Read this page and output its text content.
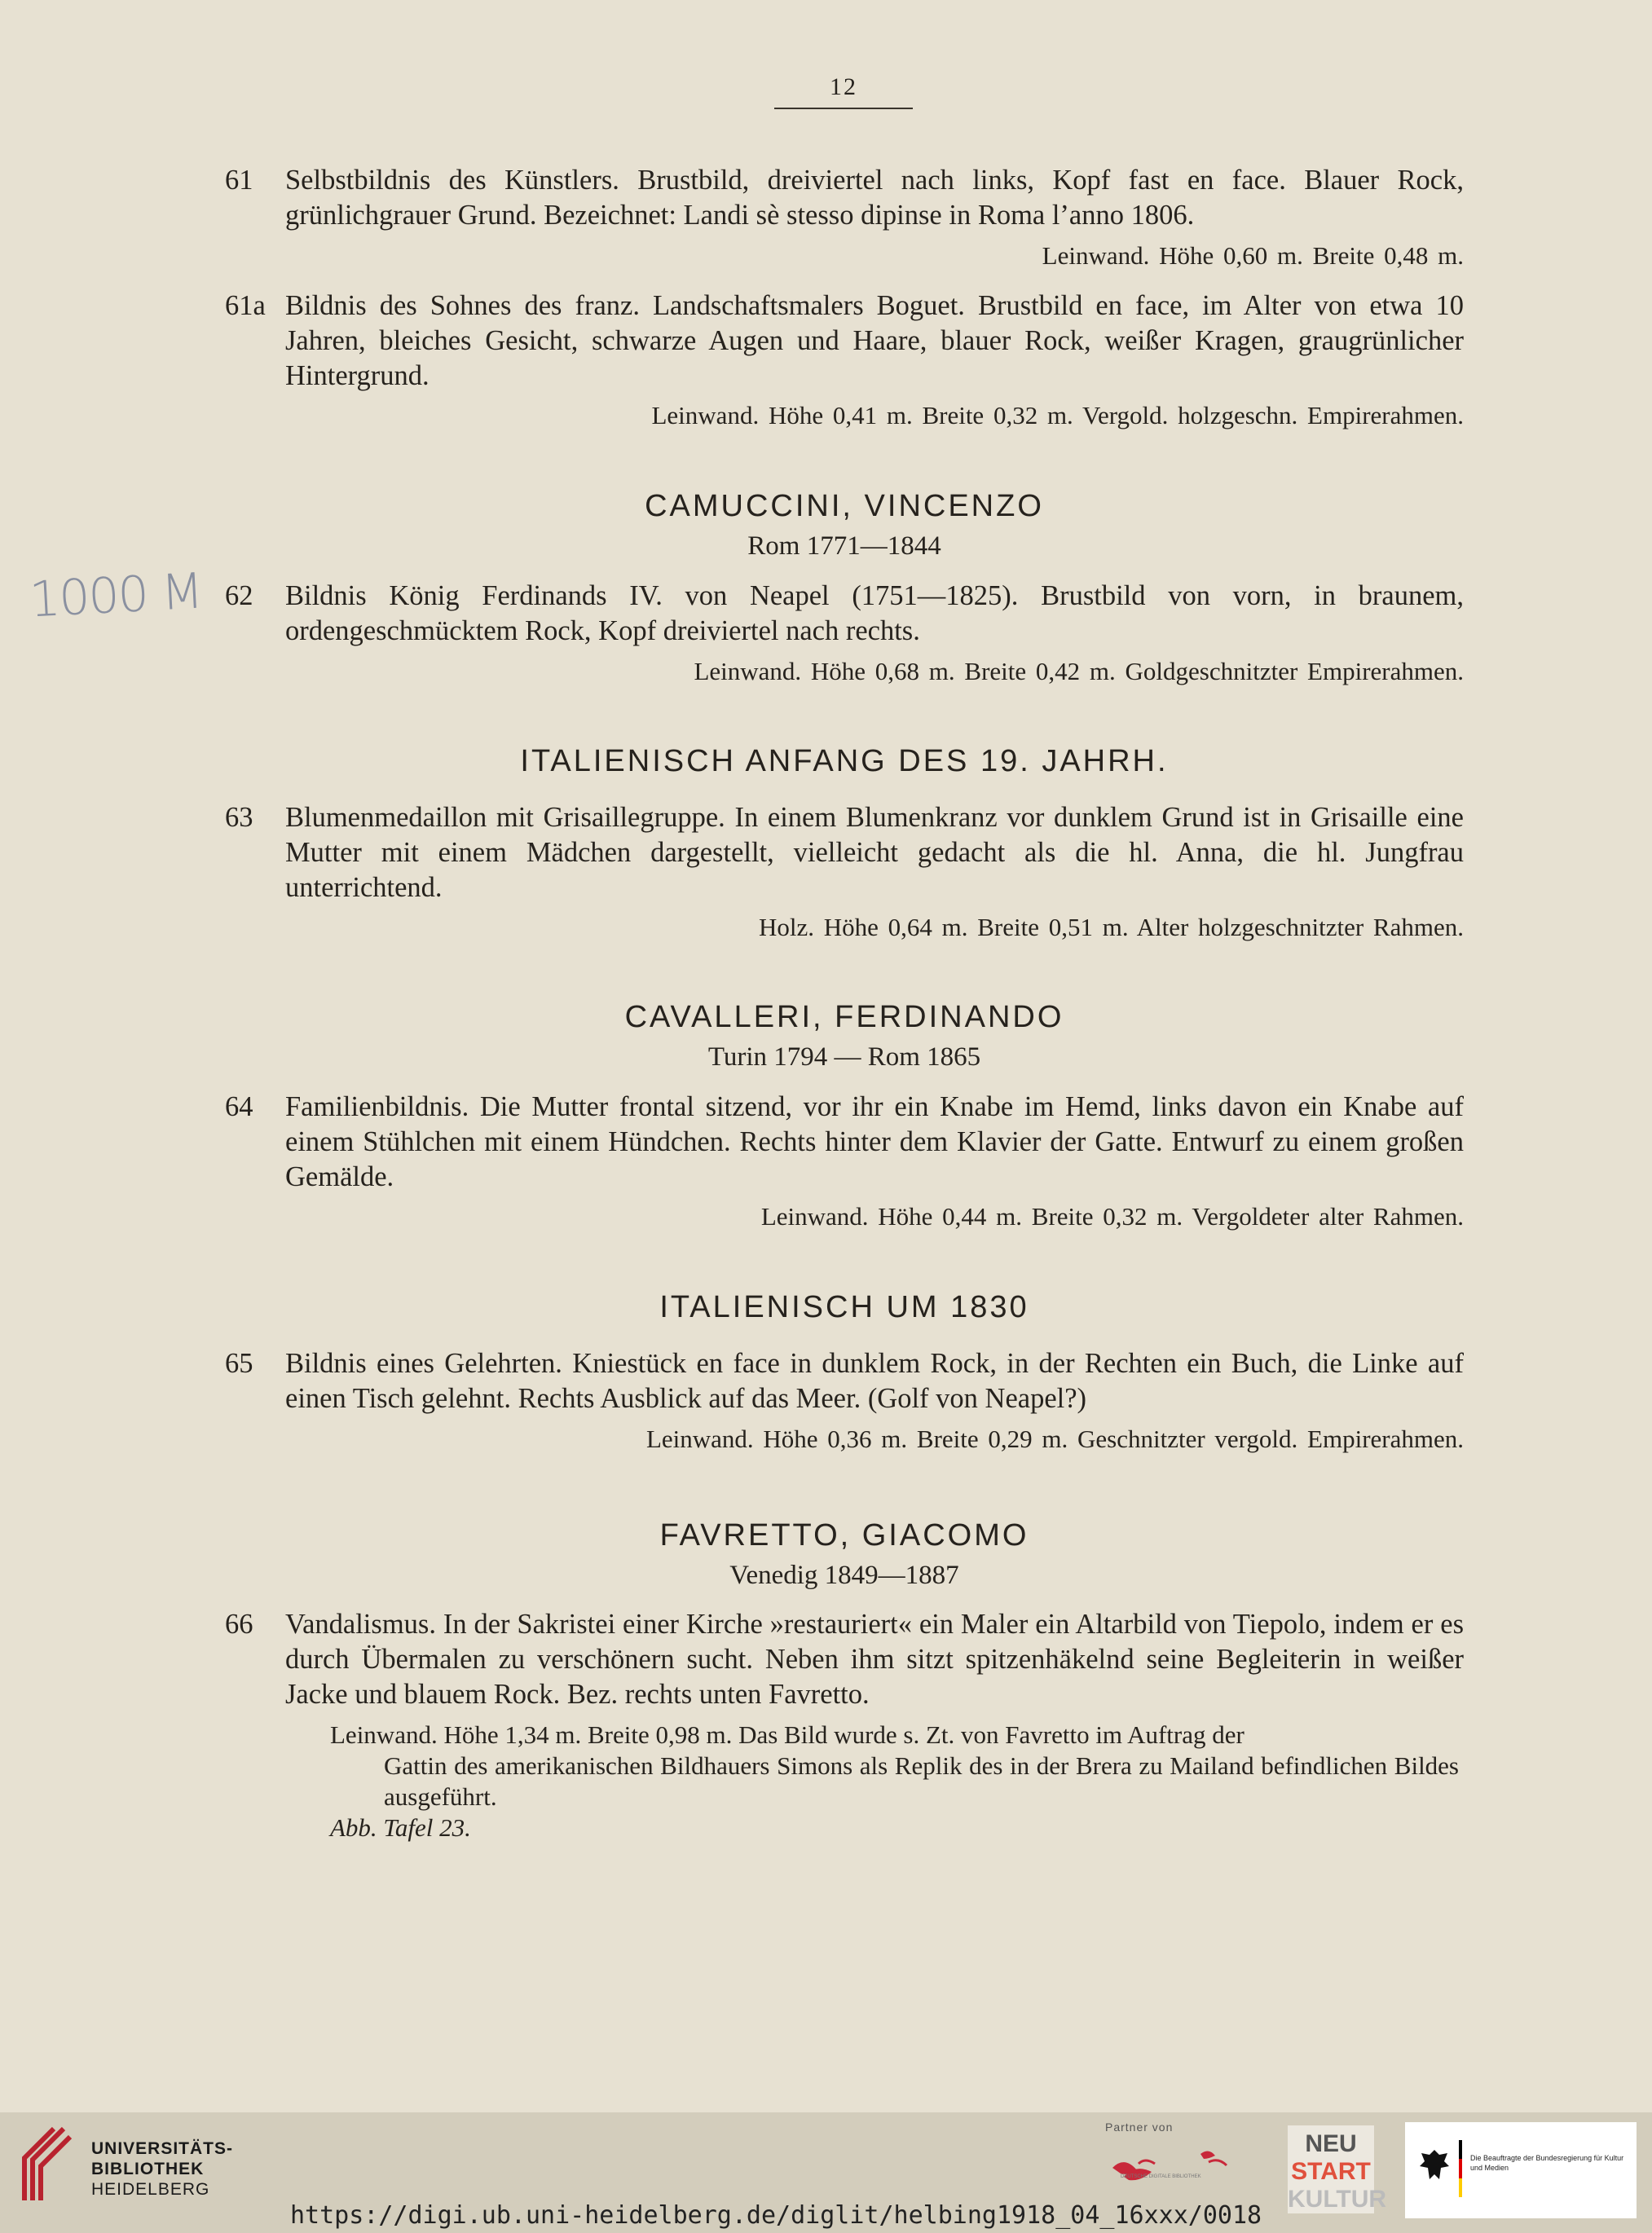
12
61	Selbstbildnis des Künstlers. Brustbild, dreiviertel nach links, Kopf fast en face. Blauer Rock, grünlichgrauer Grund. Bezeichnet: Landi sè stesso dipinse in Roma l’anno 1806.
Leinwand. Höhe 0,60 m. Breite 0,48 m.
61a Bildnis des Sohnes des franz. Landschaftsmalers Boguet. Brustbild en face, im Alter von etwa 10 Jahren, bleiches Gesicht, schwarze Augen und Haare, blauer Rock, weißer Kragen, graugrünlicher Hintergrund.
Leinwand. Höhe 0,41 m. Breite 0,32 m. Vergold. holzgeschn. Empirerahmen.
CAMUCCINI, VINCENZO
Rom 1771—1844
62	Bildnis König Ferdinands IV. von Neapel (1751—1825). Brustbild von vorn, in braunem, ordengeschmücktem Rock, Kopf dreiviertel nach rechts.
Leinwand. Höhe 0,68 m. Breite 0,42 m. Goldgeschnitzter Empirerahmen.
ITALIENISCH ANFANG DES 19. JAHRH.
63	Blumenmedaillon mit Grisaillegruppe. In einem Blumenkranz vor dunklem Grund ist in Grisaille eine Mutter mit einem Mädchen dargestellt, vielleicht gedacht als die hl. Anna, die hl. Jungfrau unterrichtend.
Holz. Höhe 0,64 m. Breite 0,51 m. Alter holzgeschnitzter Rahmen.
CAVALLERI, FERDINANDO
Turin 1794 — Rom 1865
64	Familienbildnis. Die Mutter frontal sitzend, vor ihr ein Knabe im Hemd, links davon ein Knabe auf einem Stühlchen mit einem Hündchen. Rechts hinter dem Klavier der Gatte. Entwurf zu einem großen Gemälde.
Leinwand. Höhe 0,44 m. Breite 0,32 m. Vergoldeter alter Rahmen.
ITALIENISCH UM 1830
65	Bildnis eines Gelehrten. Kniestück en face in dunklem Rock, in der Rechten ein Buch, die Linke auf einen Tisch gelehnt. Rechts Ausblick auf das Meer. (Golf von Neapel?)
Leinwand. Höhe 0,36 m. Breite 0,29 m. Geschnitzter vergold. Empirerahmen.
FAVRETTO, GIACOMO
Venedig 1849—1887
66	Vandalismus. In der Sakristei einer Kirche »restauriert« ein Maler ein Altarbild von Tiepolo, indem er es durch Übermalen zu verschönern sucht. Neben ihm sitzt spitzenhäkelnd seine Begleiterin in weißer Jacke und blauem Rock. Bez. rechts unten Favretto.
Leinwand. Höhe 1,34 m. Breite 0,98 m. Das Bild wurde s. Zt. von Favretto im Auftrag der
Gattin des amerikanischen Bildhauers Simons als Replik des in der Brera zu Mailand befindlichen Bildes ausgeführt.
Abb. Tafel 23.
1000 M
UNIVERSITÄTS-
BIBLIOTHEK
HEIDELBERG
Partner von
DEUTSCHE DIGITALE BIBLIOTHEK
NEU
START
KULTUR
Die Beauftragte der Bundesregierung für Kultur und Medien
https://digi.ub.uni-heidelberg.de/diglit/helbing1918_04_16xxx/0018
